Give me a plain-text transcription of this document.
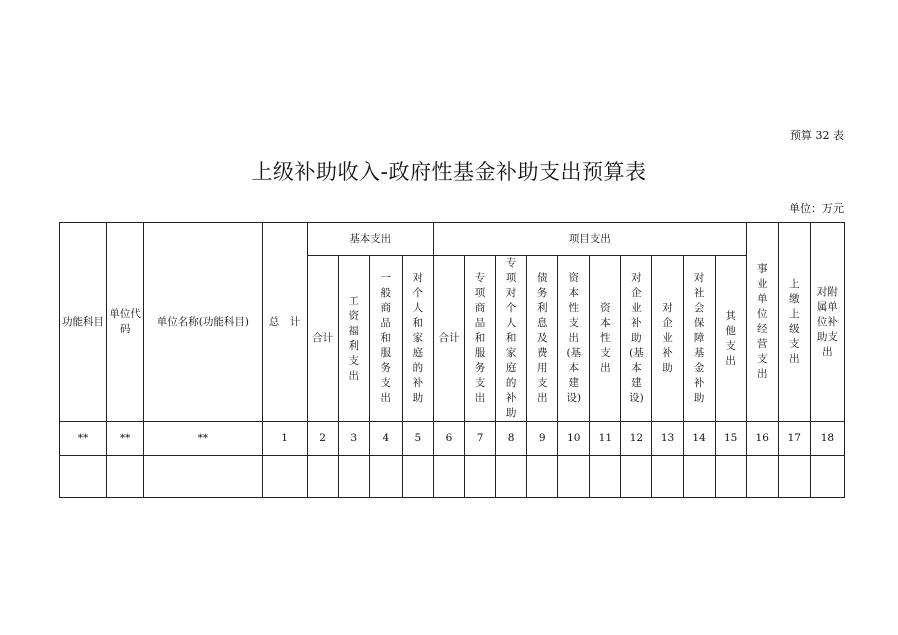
预算 32 表
上级补助收入-政府性基金补助支出预算表
单位：万元
功能科目	单位代码	单位名称(功能科目)	总　计	基本支出				项目支出										事业单位经营支出	上缴上级支出	对附属单位补助支出
				合计	工资福利支出	一般商品和服务支出	对个人和家庭的补助	合计	专项商品和服务支出	专项对个人和家庭的补助	债务利息及费用支出	资本性支出(基本建设)	资本性支出	对企业补助(基本建设)	对企业补助	对社会保障基金补助	其他支出			
**	**	**	1	2	3	4	5	6	7	8	9	10	11	12	13	14	15	16	17	18
